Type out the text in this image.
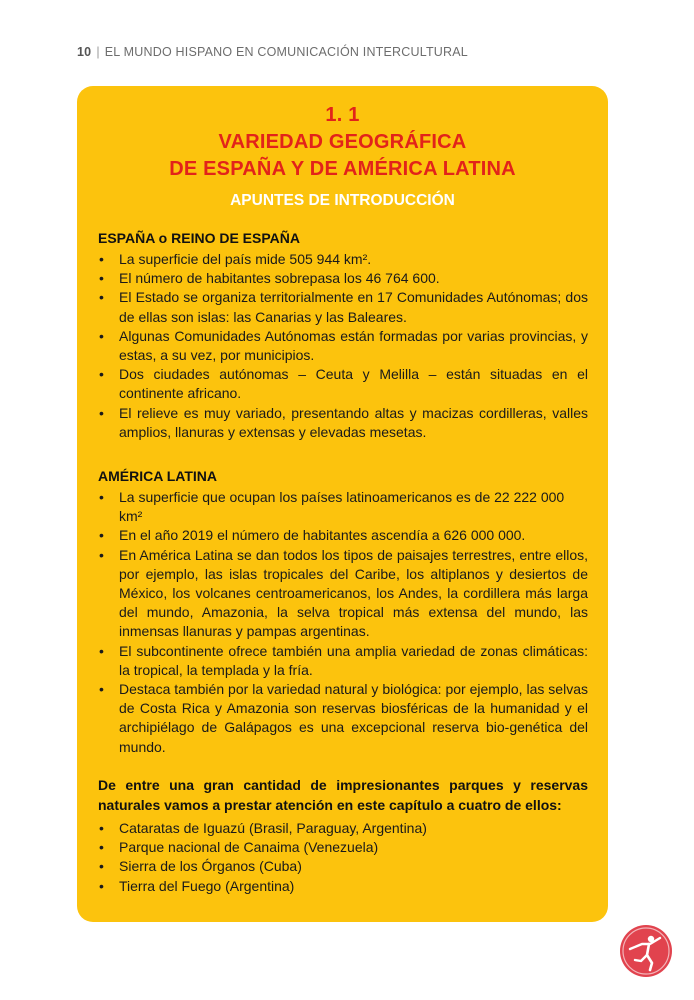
10 | EL MUNDO HISPANO EN COMUNICACIÓN INTERCULTURAL
1. 1
VARIEDAD GEOGRÁFICA
DE ESPAÑA Y DE AMÉRICA LATINA
APUNTES DE INTRODUCCIÓN
ESPAÑA o REINO DE ESPAÑA
• La superficie del país mide 505 944 km².
• El número de habitantes sobrepasa los 46 764 600.
• El Estado se organiza territorialmente en 17 Comunidades Autónomas; dos de ellas son islas: las Canarias y las Baleares.
• Algunas Comunidades Autónomas están formadas por varias provincias, y estas, a su vez, por municipios.
• Dos ciudades autónomas – Ceuta y Melilla – están situadas en el continente africano.
• El relieve es muy variado, presentando altas y macizas cordilleras, valles amplios, llanuras y extensas y elevadas mesetas.
AMÉRICA LATINA
• La superficie que ocupan los países latinoamericanos es de 22 222 000 km²
• En el año 2019 el número de habitantes ascendía a 626 000 000.
• En América Latina se dan todos los tipos de paisajes terrestres, entre ellos, por ejemplo, las islas tropicales del Caribe, los altiplanos y desiertos de México, los volcanes centroamericanos, los Andes, la cordillera más larga del mundo, Amazonia, la selva tropical más extensa del mundo, las inmensas llanuras y pampas argentinas.
• El subcontinente ofrece también una amplia variedad de zonas climáticas: la tropical, la templada y la fría.
• Destaca también por la variedad natural y biológica: por ejemplo, las selvas de Costa Rica y Amazonia son reservas biosféricas de la humanidad y el archipiélago de Galápagos es una excepcional reserva bio-genética del mundo.
De entre una gran cantidad de impresionantes parques y reservas naturales vamos a prestar atención en este capítulo a cuatro de ellos:
• Cataratas de Iguazú (Brasil, Paraguay, Argentina)
• Parque nacional de Canaima (Venezuela)
• Sierra de los Órganos (Cuba)
• Tierra del Fuego (Argentina)
